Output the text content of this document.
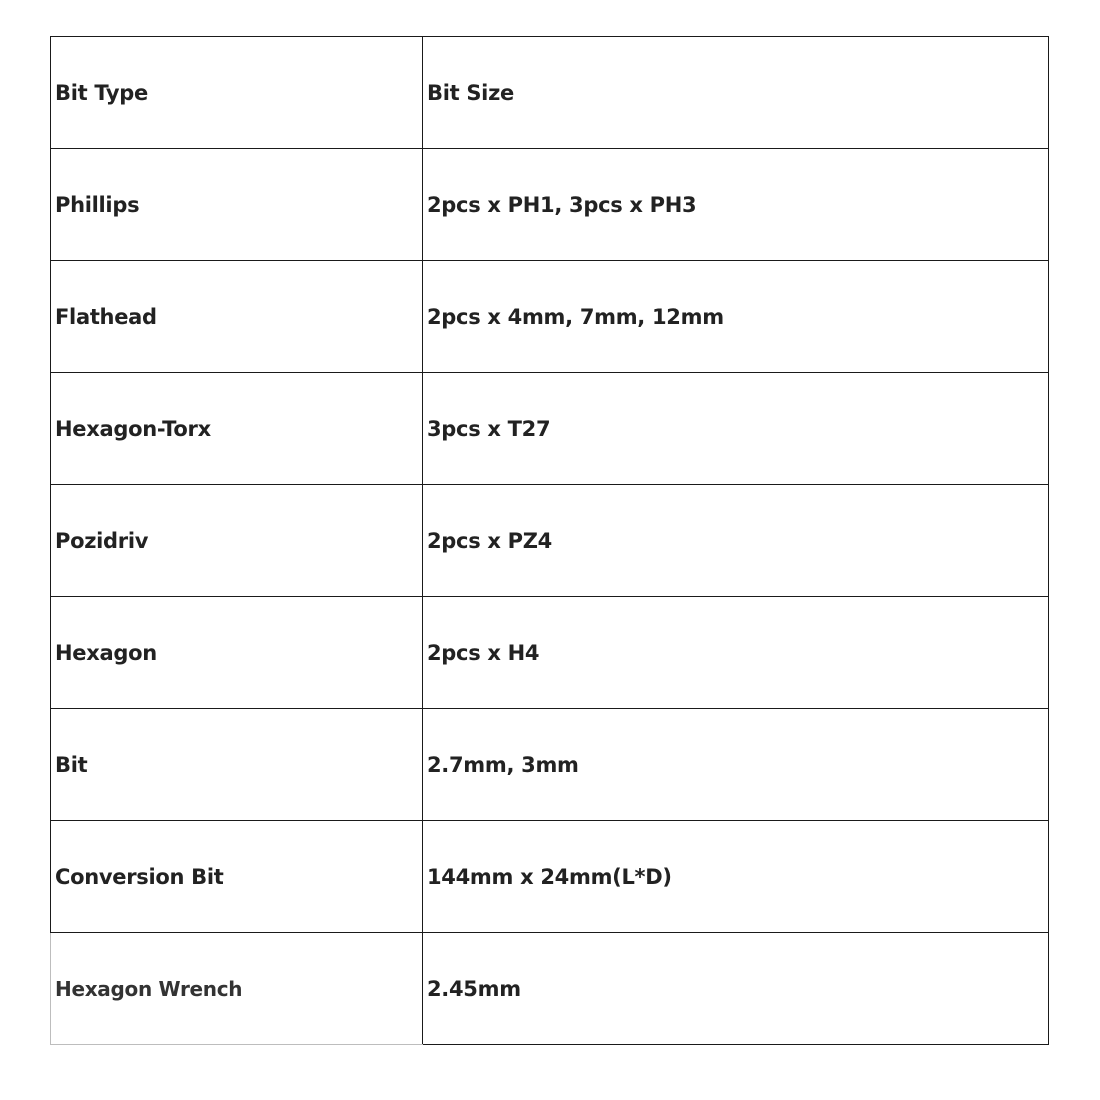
Bit Type	Bit Size
Phillips	2pcs x PH1, 3pcs x PH3
Flathead	2pcs x 4mm, 7mm, 12mm
Hexagon-Torx	3pcs x T27
Pozidriv	2pcs x PZ4
Hexagon	2pcs x H4
Bit	2.7mm, 3mm
Conversion Bit	144mm x 24mm(L*D)
Hexagon Wrench	2.45mm
